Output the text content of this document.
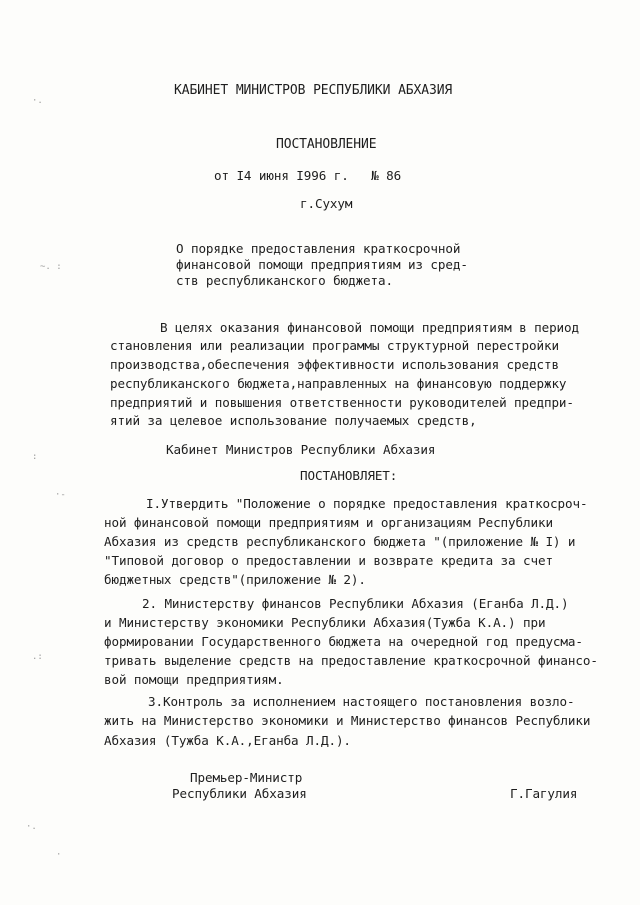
·.
~. :
:
·-
.:
·.
·
КАБИНЕТ МИНИСТРОВ РЕСПУБЛИКИ АБХАЗИЯ
ПОСТАНОВЛЕНИЕ
от I4 июня I996 г.   № 86
г.Сухум
О порядке предоставления краткосрочной
финансовой помощи предприятиям из сред-
ств республиканского бюджета.
В целях оказания финансовой помощи предприятиям в период
становления или реализации программы структурной перестройки
производства,обеспечения эффективности использования средств
республиканского бюджета,направленных на финансовую поддержку
предприятий и повышения ответственности руководителей предпри-
ятий за целевое использование получаемых средств,
Кабинет Министров Республики Абхазия
ПОСТАНОВЛЯЕТ:
I.Утвердить "Положение о порядке предоставления краткосроч-
ной финансовой помощи предприятиям и организациям Республики
Абхазия из средств республиканского бюджета "(приложение № I) и
"Типовой договор о предоставлении и возврате кредита за счет
бюджетных средств"(приложение № 2).
2. Министерству финансов Республики Абхазия (Еганба Л.Д.)
и Министерству экономики Республики Абхазия(Тужба К.А.) при
формировании Государственного бюджета на очередной год предусма-
тривать выделение средств на предоставление краткосрочной финансо-
вой помощи предприятиям.
3.Контроль за исполнением настоящего постановления возло-
жить на Министерство экономики и Министерство финансов Республики
Абхазия (Тужба К.А.,Еганба Л.Д.).
Премьер-Министр
Республики Абхазия	Г.Гагулия
